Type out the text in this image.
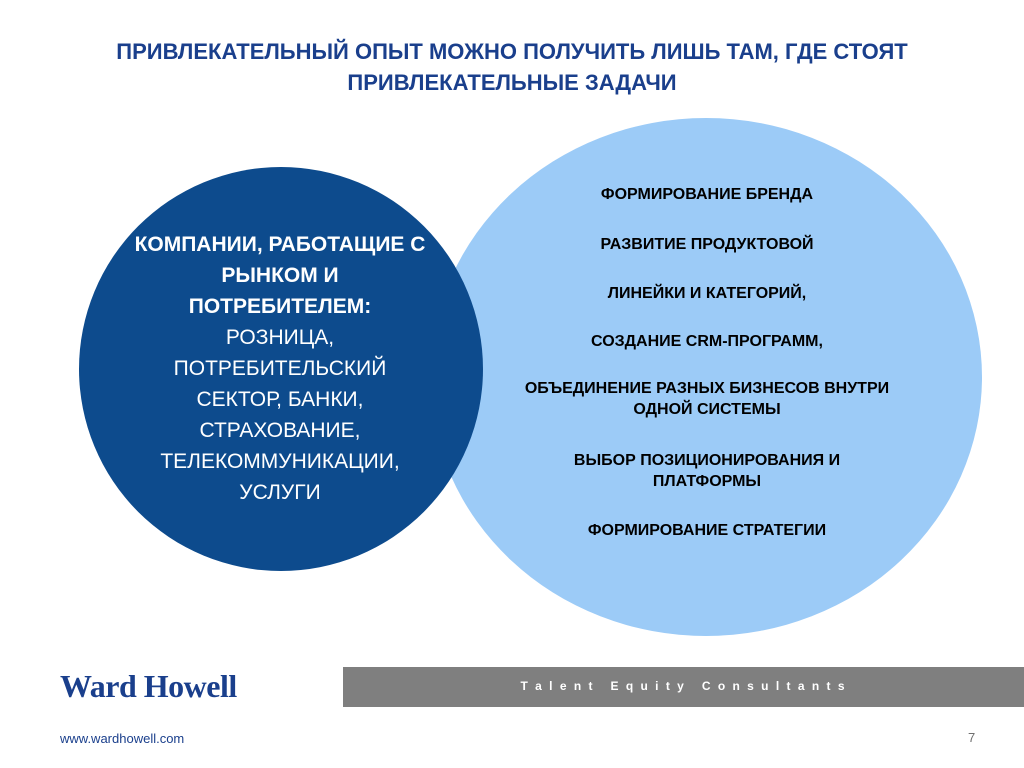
ПРИВЛЕКАТЕЛЬНЫЙ ОПЫТ МОЖНО ПОЛУЧИТЬ ЛИШЬ ТАМ, ГДЕ СТОЯТ ПРИВЛЕКАТЕЛЬНЫЕ ЗАДАЧИ
КОМПАНИИ, РАБОТАЩИЕ С РЫНКОМ И ПОТРЕБИТЕЛЕМ:
РОЗНИЦА, ПОТРЕБИТЕЛЬСКИЙ СЕКТОР, БАНКИ, СТРАХОВАНИЕ, ТЕЛЕКОММУНИКАЦИИ, УСЛУГИ
ФОРМИРОВАНИЕ БРЕНДА
РАЗВИТИЕ ПРОДУКТОВОЙ
ЛИНЕЙКИ И КАТЕГОРИЙ,
СОЗДАНИЕ CRM-ПРОГРАММ,
ОБЪЕДИНЕНИЕ РАЗНЫХ БИЗНЕСОВ ВНУТРИ ОДНОЙ СИСТЕМЫ
ВЫБОР ПОЗИЦИОНИРОВАНИЯ И ПЛАТФОРМЫ
ФОРМИРОВАНИЕ СТРАТЕГИИ
Ward Howell	T a l e n t   E q u i t y   C o n s u l t a n t s
www.wardhowell.com	7
